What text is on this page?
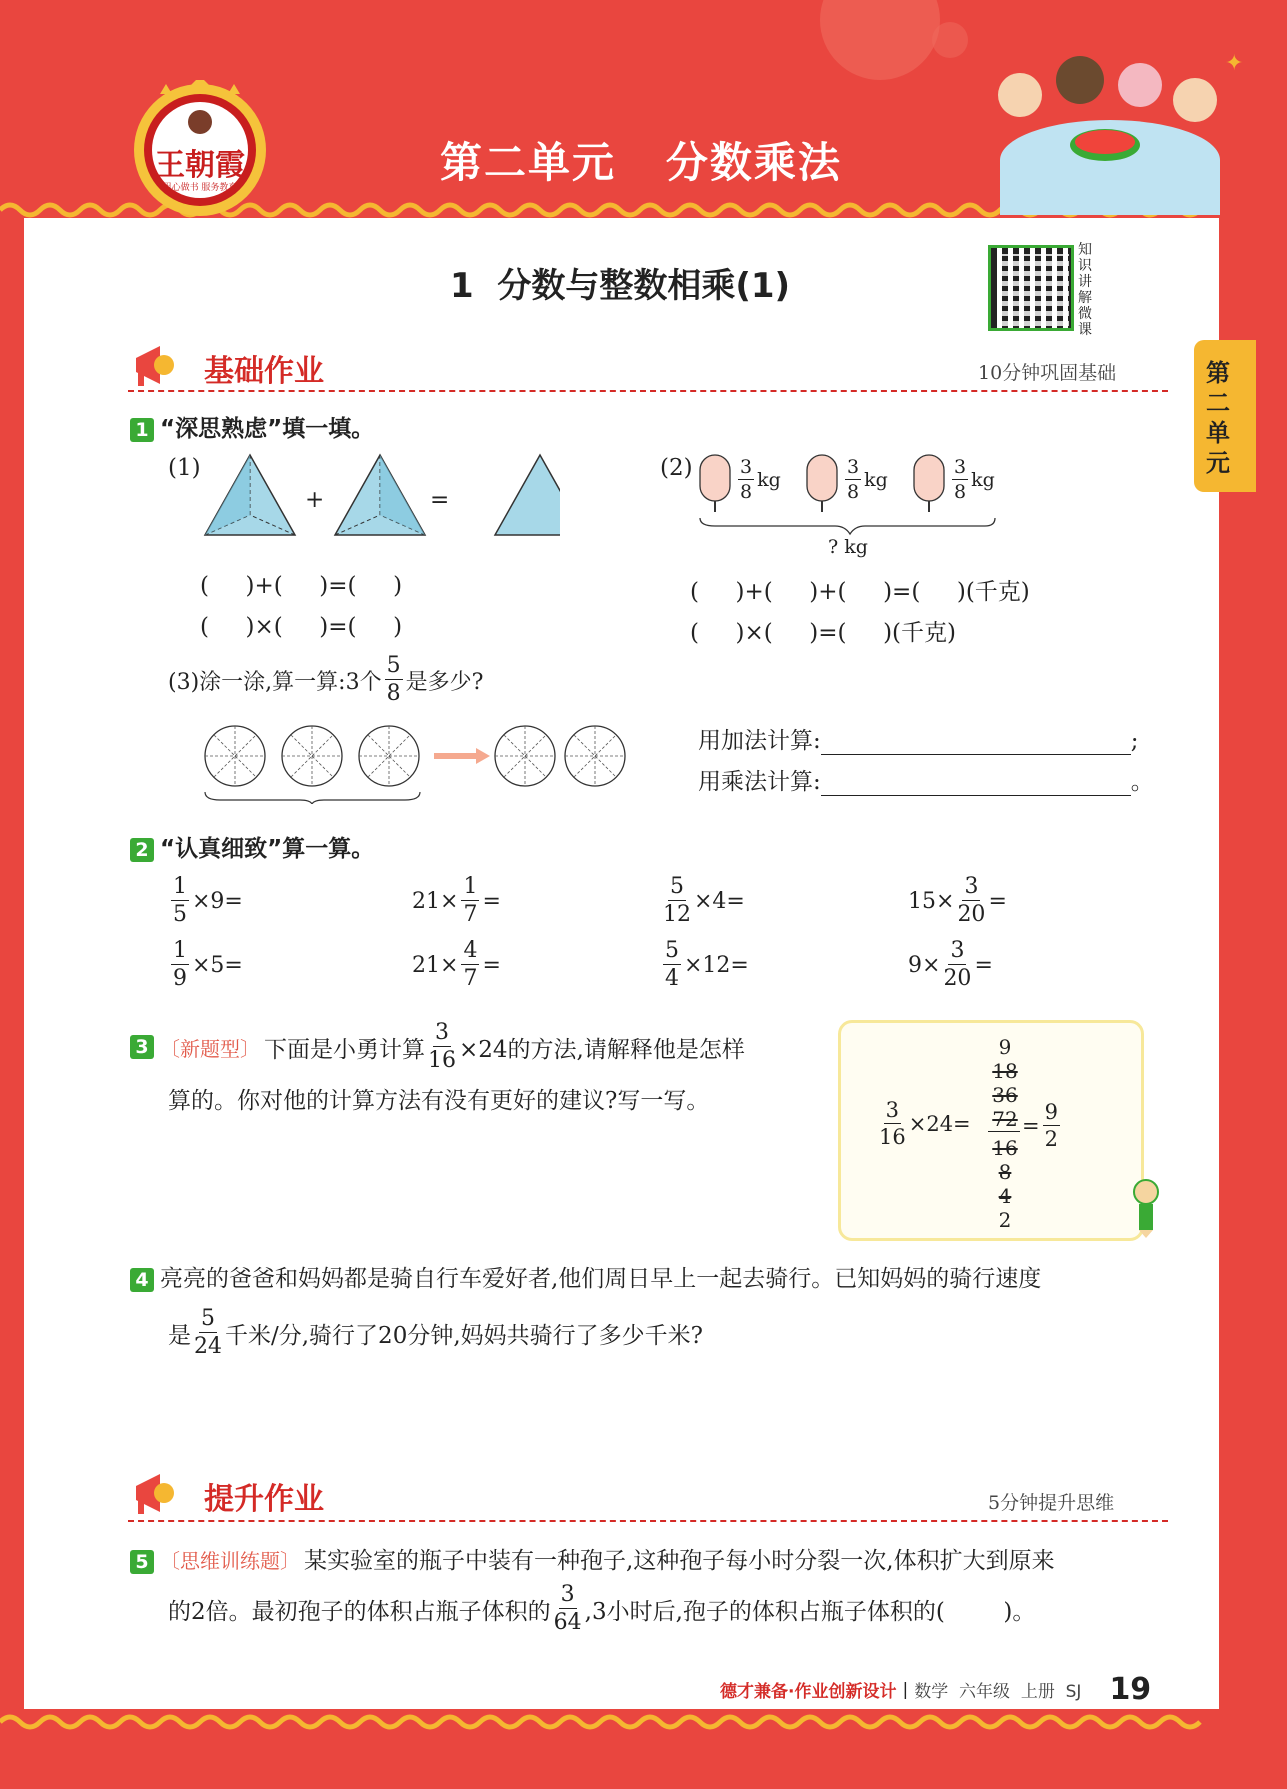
王朝霞
用心做书 服务教育
第二单元   分数乘法
✦
第二单元
1  分数与整数相乘(1)
知识讲解微课
基础作业	10分钟巩固基础
1 “深思熟虑”填一填。
(1)
+	=
(     )+(     )=(     )
(     )×(     )=(     )
$(2) \frac{3}{8}$ kg	$\frac{3}{8}$ kg	$\frac{3}{8}$ kg
? kg
(     )+(     )+(     )=(     )(千克)
(     )×(     )=(     )(千克)
(3)涂一涂,算一算:3个 $\frac{5}{8}$ 是多少?
用加法计算:	;
用乘法计算:	。
2 “认真细致”算一算。
$\frac{1}{5} \times 9=$	$21\times \frac{1}{7}$ =	$\frac{5}{12} \times 4=$	$15\times \frac{3}{20}$ =
$\frac{1}{9} \times 5=$	$21\times \frac{4}{7}$ =	$\frac{5}{4} \times 12=$	$9\times \frac{3}{20}$ =
3 〔新题型〕 下面是小勇计算 $\frac{3}{16} \times 24$的方法,请解释他是怎样
算的。你对他的计算方法有没有更好的建议?写一写。	$\frac{3}{16} \times 24=$
9
18
36
72
16
8
4
2
= $\frac{9}{2}$
4 亮亮的爸爸和妈妈都是骑自行车爱好者,他们周日早上一起去骑行。已知妈妈的骑行速度
是 $\frac{5}{24}$ 千米/分,骑行了20分钟,妈妈共骑行了多少千米?
提升作业	5分钟提升思维
5 〔思维训练题〕 某实验室的瓶子中装有一种孢子,这种孢子每小时分裂一次,体积扩大到原来
的2倍。最初孢子的体积占瓶子体积的 $\frac{3}{64} ,3$小时后,孢子的体积占瓶子体积的(        )。
德才兼备·作业创新设计 | 数学  六年级  上册  SJ 19
